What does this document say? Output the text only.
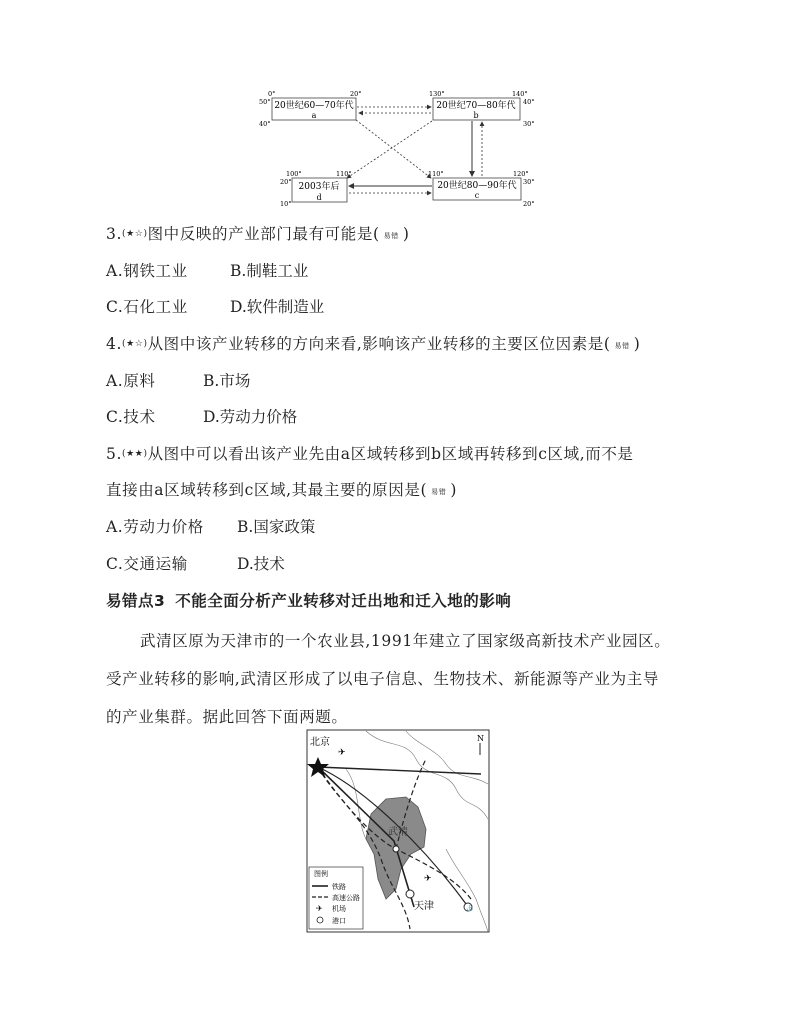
20世纪60—70年代
a
0°	20°
50°
40°
20世纪70—80年代
b
130°	140°
40°
30°
2003年后
d
100°	110°
20°
10°
20世纪80—90年代
c
110°	120°
30°
20°
3.(★☆)图中反映的产业部门最有可能是( 易错 )
A.钢铁工业	B.制鞋工业
C.石化工业	D.软件制造业
4.(★☆)从图中该产业转移的方向来看,影响该产业转移的主要区位因素是( 易错 )
A.原料	B.市场
C.技术	D.劳动力价格
5.(★★)从图中可以看出该产业先由a区域转移到b区域再转移到c区域,而不是
直接由a区域转移到c区域,其最主要的原因是( 易错 )
A.劳动力价格 B.国家政策
C.交通运输	D.技术
易错点3 不能全面分析产业转移对迁出地和迁入地的影响
武清区原为天津市的一个农业县,1991年建立了国家级高新技术产业园区。
受产业转移的影响,武清区形成了以电子信息、生物技术、新能源等产业为主导
的产业集群。据此回答下面两题。
北京
武清
天津	⚓
✈
✈
N
图例
铁路
高速公路
✈ 机场
港口
